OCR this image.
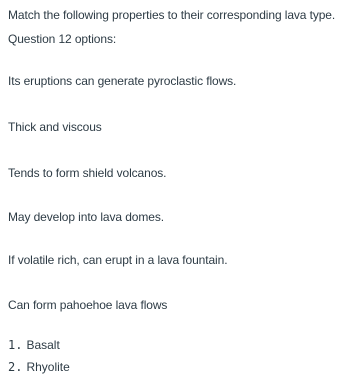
Match the following properties to their corresponding lava type.
Question 12 options:
Its eruptions can generate pyroclastic flows.
Thick and viscous
Tends to form shield volcanos.
May develop into lava domes.
If volatile rich, can erupt in a lava fountain.
Can form pahoehoe lava flows
1. Basalt
2. Rhyolite
